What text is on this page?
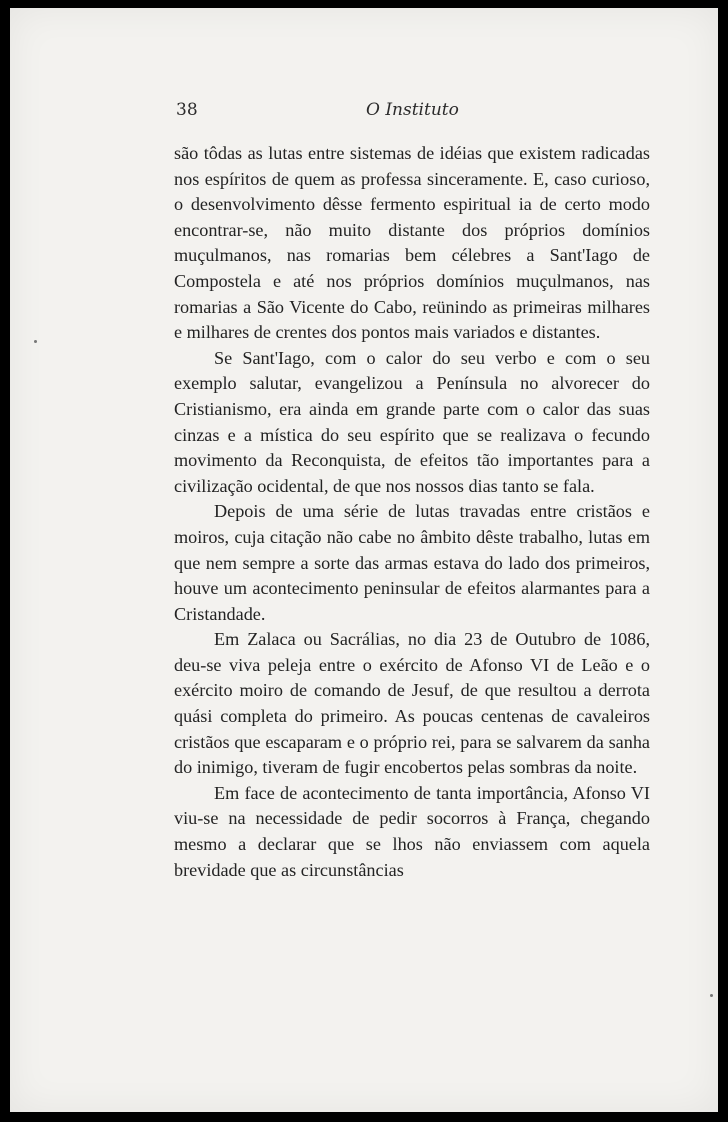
38	O Instituto

são tôdas as lutas entre sistemas de idéias que existem radicadas nos espíritos de quem as professa sinceramente. E, caso curioso, o desenvolvimento dêsse fermento espiritual ia de certo modo encontrar-se, não muito distante dos próprios domínios muçulmanos, nas romarias bem célebres a Sant'Iago de Compostela e até nos próprios domínios muçulmanos, nas romarias a São Vicente do Cabo, reünindo as primeiras milhares e milhares de crentes dos pontos mais variados e distantes.

Se Sant'Iago, com o calor do seu verbo e com o seu exemplo salutar, evangelizou a Península no alvorecer do Cristianismo, era ainda em grande parte com o calor das suas cinzas e a mística do seu espírito que se realizava o fecundo movimento da Reconquista, de efeitos tão importantes para a civilização ocidental, de que nos nossos dias tanto se fala.

Depois de uma série de lutas travadas entre cristãos e moiros, cuja citação não cabe no âmbito dêste trabalho, lutas em que nem sempre a sorte das armas estava do lado dos primeiros, houve um acontecimento peninsular de efeitos alarmantes para a Cristandade.

Em Zalaca ou Sacrálias, no dia 23 de Outubro de 1086, deu-se viva peleja entre o exército de Afonso VI de Leão e o exército moiro de comando de Jesuf, de que resultou a derrota quási completa do primeiro. As poucas centenas de cavaleiros cristãos que escaparam e o próprio rei, para se salvarem da sanha do inimigo, tiveram de fugir encobertos pelas sombras da noite.

Em face de acontecimento de tanta importância, Afonso VI viu-se na necessidade de pedir socorros à França, chegando mesmo a declarar que se lhos não enviassem com aquela brevidade que as circunstâncias
